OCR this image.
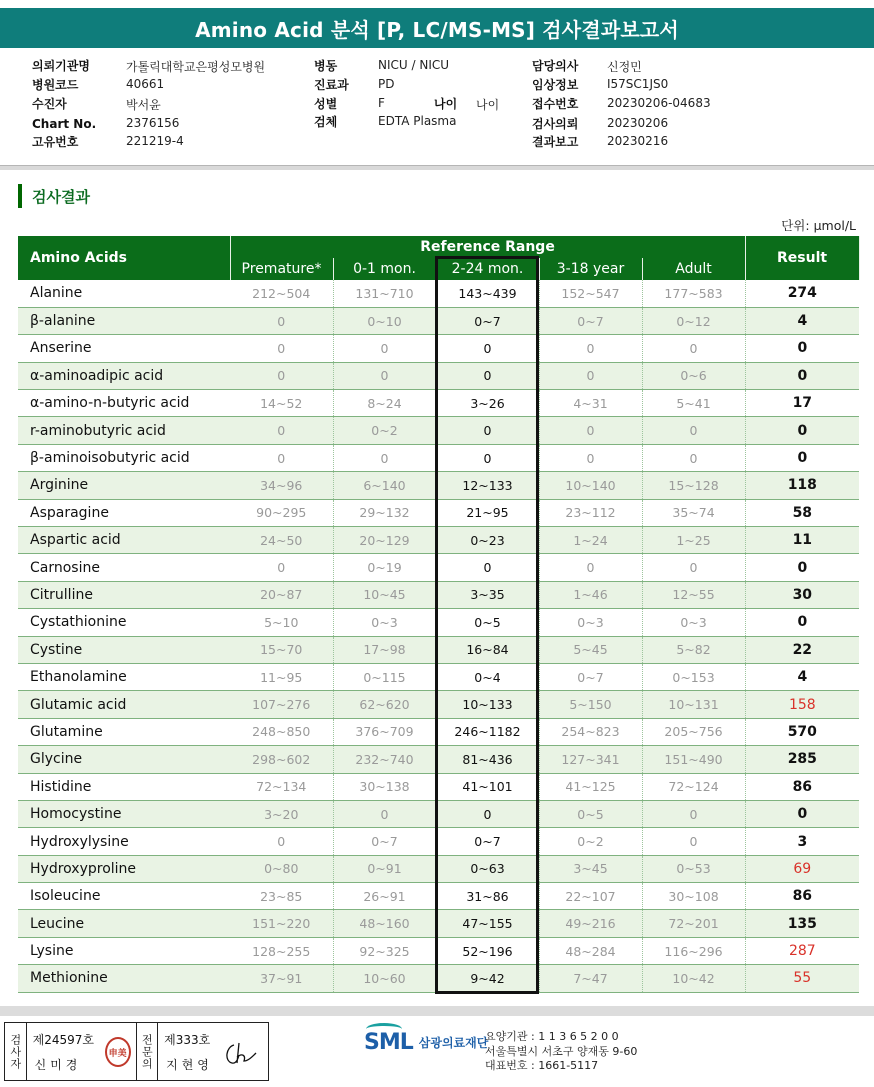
Amino Acid 분석 [P, LC/MS-MS] 검사결과보고서
의뢰기관명	가톨릭대학교은평성모병원
병원코드	40661
수진자	박서윤
Chart No. 2376156
고유번호	221219-4
병동	NICU / NICU
진료과 PD
성별	F	나이 나이
검체	EDTA Plasma
담당의사 신정민
임상정보 I57SC1JS0
접수번호 20230206-04683
검사의뢰 20230206
결과보고 20230216
검사결과
단위: µmol/L
Amino Acids	Reference Range					Result
	Premature*	0-1 mon.	2-24 mon.	3-18 year	Adult	
Alanine	212~504	131~710	143~439	152~547	177~583	274
β-alanine	0	0~10	0~7	0~7	0~12	4
Anserine	0	0	0	0	0	0
α-aminoadipic acid	0	0	0	0	0~6	0
α-amino-n-butyric acid	14~52	8~24	3~26	4~31	5~41	17
r-aminobutyric acid	0	0~2	0	0	0	0
β-aminoisobutyric acid	0	0	0	0	0	0
Arginine	34~96	6~140	12~133	10~140	15~128	118
Asparagine	90~295	29~132	21~95	23~112	35~74	58
Aspartic acid	24~50	20~129	0~23	1~24	1~25	11
Carnosine	0	0~19	0	0	0	0
Citrulline	20~87	10~45	3~35	1~46	12~55	30
Cystathionine	5~10	0~3	0~5	0~3	0~3	0
Cystine	15~70	17~98	16~84	5~45	5~82	22
Ethanolamine	11~95	0~115	0~4	0~7	0~153	4
Glutamic acid	107~276	62~620	10~133	5~150	10~131	158
Glutamine	248~850	376~709	246~1182	254~823	205~756	570
Glycine	298~602	232~740	81~436	127~341	151~490	285
Histidine	72~134	30~138	41~101	41~125	72~124	86
Homocystine	3~20	0	0	0~5	0	0
Hydroxylysine	0	0~7	0~7	0~2	0	3
Hydroxyproline	0~80	0~91	0~63	3~45	0~53	69
Isoleucine	23~85	26~91	31~86	22~107	30~108	86
Leucine	151~220	48~160	47~155	49~216	72~201	135
Lysine	128~255	92~325	52~196	48~284	116~296	287
Methionine	37~91	10~60	9~42	7~47	10~42	55
검사자 제24597호
신미경
申美	전문의 제333호
지현영
SML 삼광의료재단
요양기관 : 1 1 3 6 5 2 0 0
서울특별시 서초구 양재동 9-60
대표번호 : 1661-5117
